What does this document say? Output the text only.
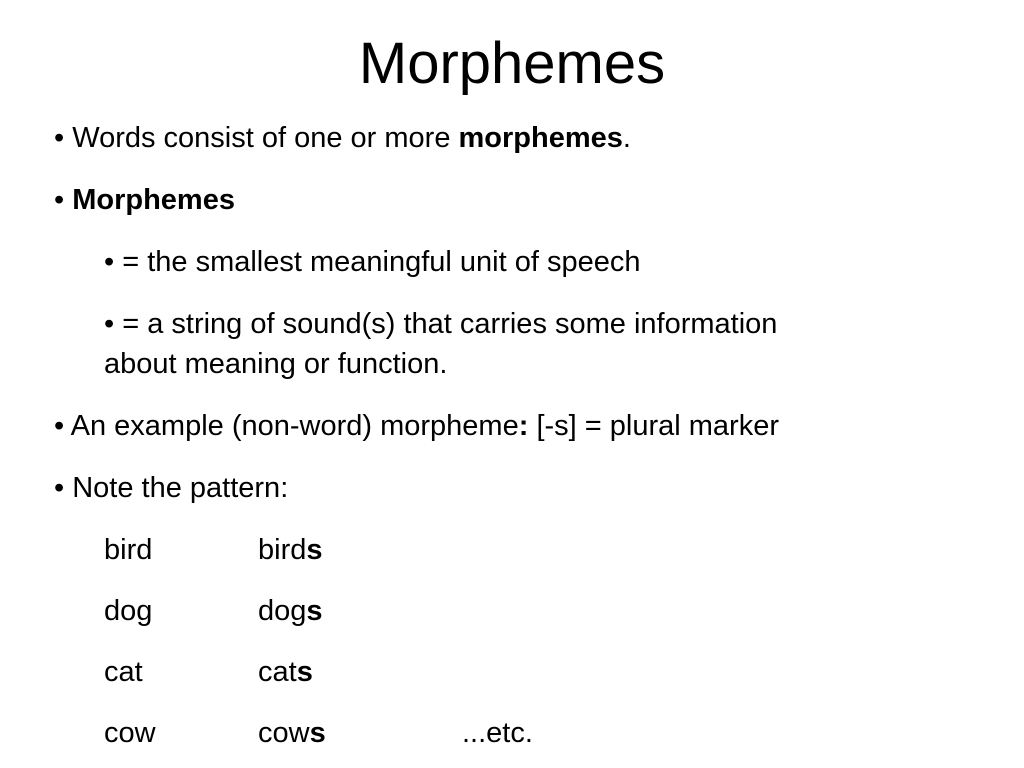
Morphemes
• Words consist of one or more morphemes.
• Morphemes
• = the smallest meaningful unit of speech
• = a string of sound(s) that carries some information
about meaning or function.
• An example (non-word) morpheme: [-s] = plural marker
• Note the pattern:
bird	birds
dog	dogs
cat	cats
cow	cows	...etc.
